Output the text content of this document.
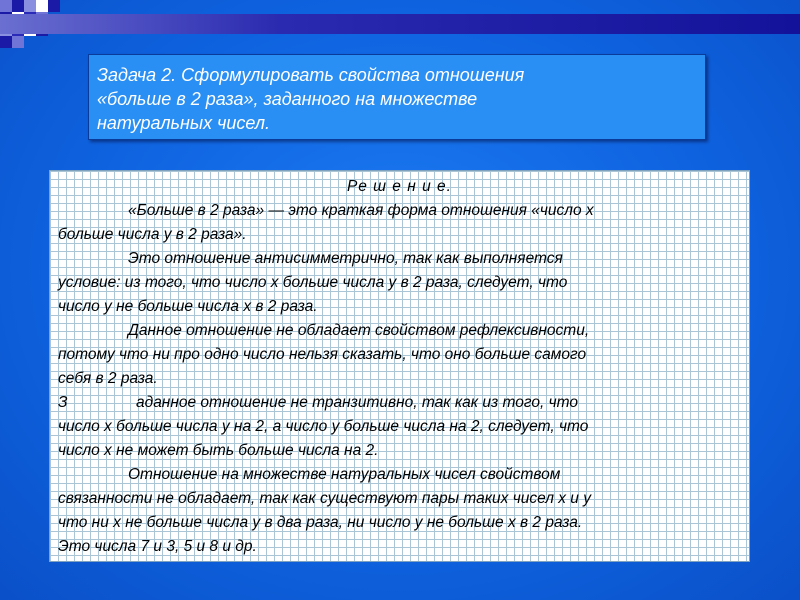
Задача 2. Сформулировать свойства отношения

«больше в 2 раза», заданного на множестве

натуральных чисел.

Ре ш е н и е.

«Больше в 2 раза» — это краткая форма отношения «число x

больше числа y в 2 раза».

Это отношение антисимметрично, так как выполняется

условие: из того, что число x больше числа y в 2 раза, следует, что

число y не больше числа x в 2 раза.

Данное отношение не обладает свойством рефлексивности,

потому что ни про одно число нельзя сказать, что оно больше самого

себя в 2 раза.

З	аданное отношение не транзитивно, так как из того, что

число x больше числа y на 2, а число y больше числа на 2, следует, что

число x не может быть больше числа на 2.

Отношение на множестве натуральных чисел свойством

связанности не обладает, так как существуют пары таких чисел x и y

что ни x не больше числа y в два раза, ни число y не больше x в 2 раза.

Это числа 7 и 3, 5 и 8 и др.
